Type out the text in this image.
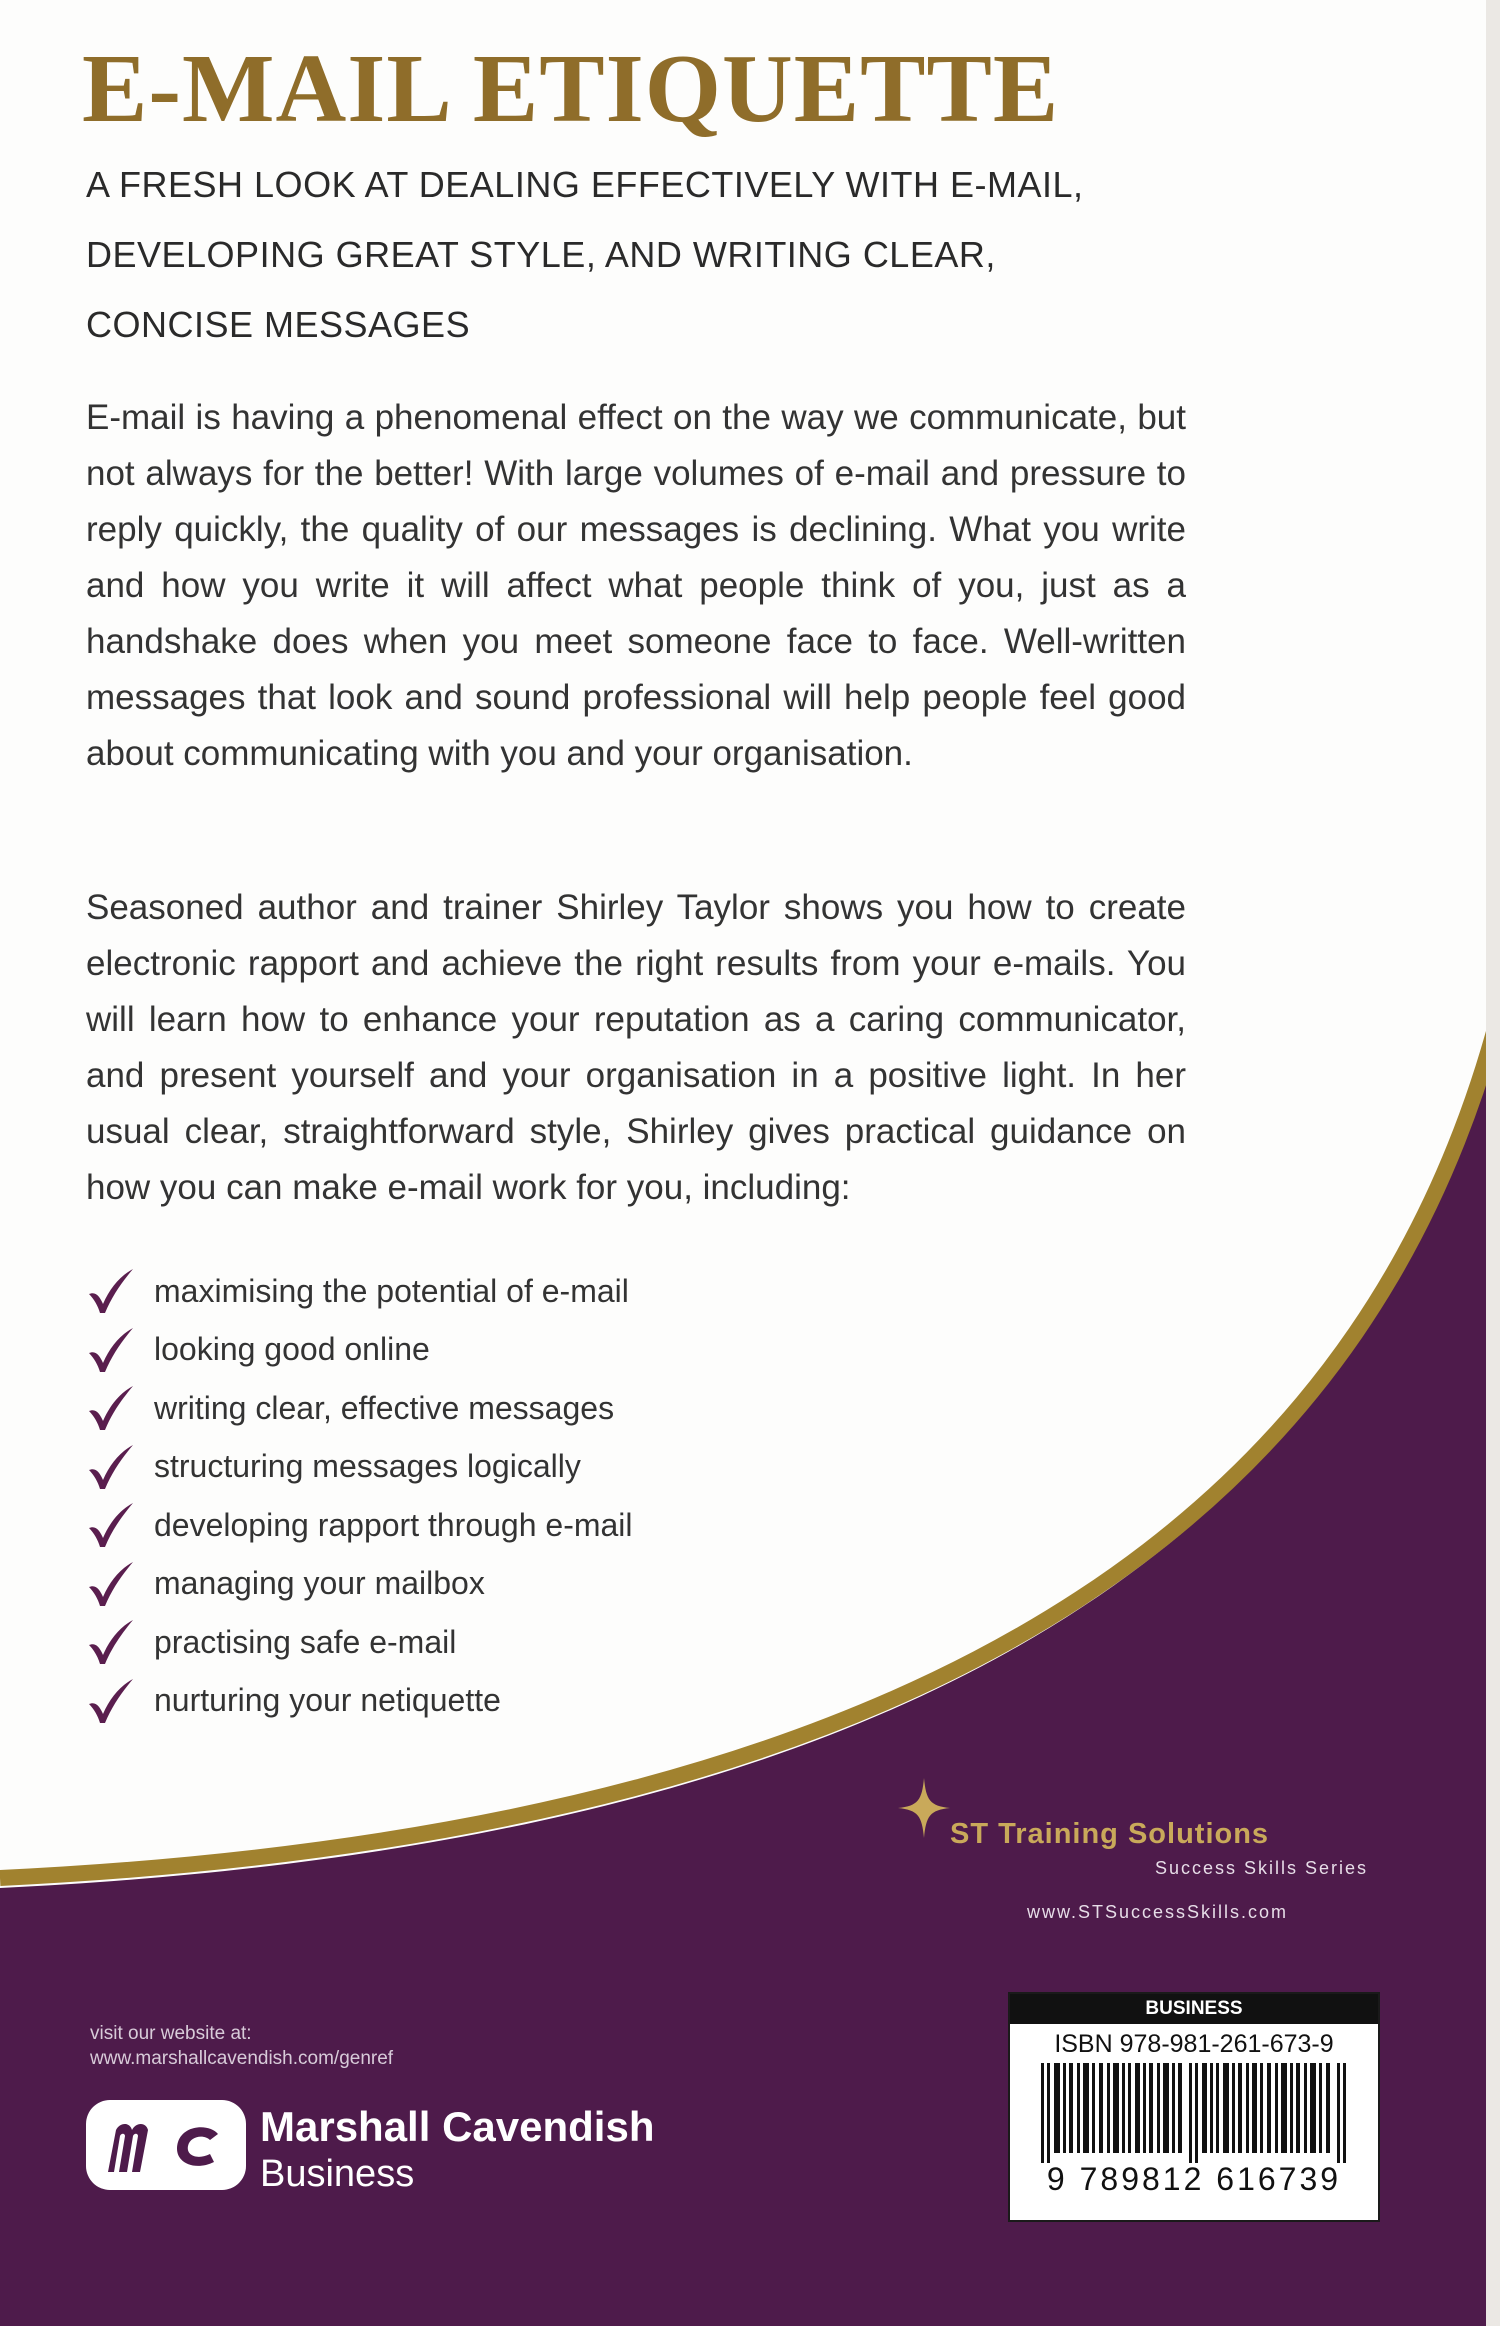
E-MAIL ETIQUETTE
A FRESH LOOK AT DEALING EFFECTIVELY WITH E-MAIL,
DEVELOPING GREAT STYLE, AND WRITING CLEAR,
CONCISE MESSAGES

E-mail is having a phenomenal effect on the way we communicate, but not always for the better! With large volumes of e-mail and pressure to reply quickly, the quality of our messages is declining. What you write and how you write it will affect what people think of you, just as a handshake does when you meet someone face to face. Well-written messages that look and sound professional will help people feel good about communicating with you and your organisation.

Seasoned author and trainer Shirley Taylor shows you how to create electronic rapport and achieve the right results from your e-mails. You will learn how to enhance your reputation as a caring communicator, and present yourself and your organisation in a positive light. In her usual clear, straightforward style, Shirley gives practical guidance on how you can make e-mail work for you, including:

maximising the potential of e-mail
looking good online
writing clear, effective messages
structuring messages logically
developing rapport through e-mail
managing your mailbox
practising safe e-mail
nurturing your netiquette
ST Training Solutions
Success Skills Series
www.STSuccessSkills.com
visit our website at:
www.marshallcavendish.com/genref
Marshall Cavendish
Business
BUSINESS
ISBN 978-981-261-673-9
9 789812 616739
